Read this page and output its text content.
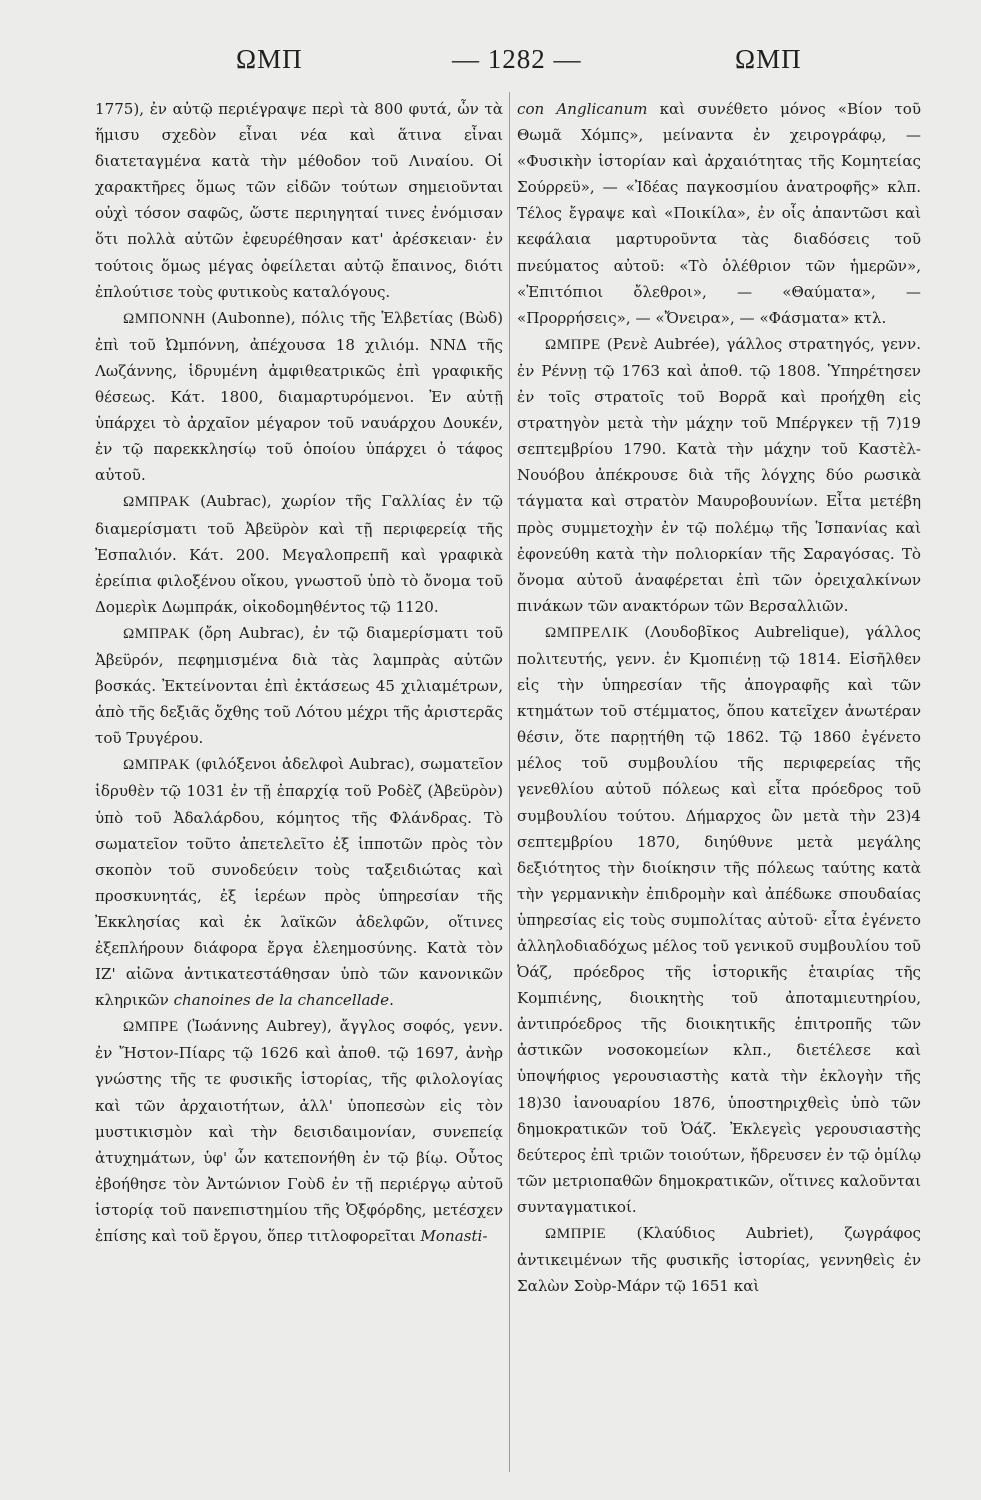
ΩΜΠ	— 1282 —	ΩΜΠ

1775), ἐν αὐτῷ περιέγραψε περὶ τὰ 800 φυτά, ὧν τὰ ἥμισυ σχεδὸν εἶναι νέα καὶ ἅτινα εἶναι διατεταγμένα κατὰ τὴν μέθοδον τοῦ Λιναίου. Οἱ χαρακτῆρες ὅμως τῶν εἰδῶν τούτων σημειοῦνται οὐχὶ τόσον σαφῶς, ὥστε περιηγηταί τινες ἐνόμισαν ὅτι πολλὰ αὐτῶν ἐφευρέθησαν κατ' ἀρέσκειαν· ἐν τούτοις ὅμως μέγας ὀφείλεται αὐτῷ ἔπαινος, διότι ἐπλούτισε τοὺς φυτικοὺς καταλόγους.

ΩΜΠΟΝΝΗ (Aubonne), πόλις τῆς Ἑλβετίας (Βὼδ) ἐπὶ τοῦ Ὠμπόννη, ἀπέχουσα 18 χιλιόμ. ΝΝΔ τῆς Λωζάννης, ἱδρυμένη ἀμφιθεατρικῶς ἐπὶ γραφικῆς θέσεως. Κάτ. 1800, διαμαρτυρόμενοι. Ἐν αὐτῇ ὑπάρχει τὸ ἀρχαῖον μέγαρον τοῦ ναυάρχου Δουκέν, ἐν τῷ παρεκκλησίῳ τοῦ ὁποίου ὑπάρχει ὁ τάφος αὐτοῦ.

ΩΜΠΡΑΚ (Aubrac), χωρίον τῆς Γαλλίας ἐν τῷ διαμερίσματι τοῦ Ἀβεϋρὸν καὶ τῇ περιφερείᾳ τῆς Ἐσπαλιόν. Κάτ. 200. Μεγαλοπρεπῆ καὶ γραφικὰ ἐρείπια φιλοξένου οἴκου, γνωστοῦ ὑπὸ τὸ ὄνομα τοῦ Δομερὶκ Δωμπράκ, οἰκοδομηθέντος τῷ 1120.

ΩΜΠΡΑΚ (ὄρη Aubrac), ἐν τῷ διαμερίσματι τοῦ Ἀβεϋρόν, πεφημισμένα διὰ τὰς λαμπρὰς αὐτῶν βοσκάς. Ἐκτείνονται ἐπὶ ἐκτάσεως 45 χιλιαμέτρων, ἀπὸ τῆς δεξιᾶς ὄχθης τοῦ Λότου μέχρι τῆς ἀριστερᾶς τοῦ Τρυγέρου.

ΩΜΠΡΑΚ (φιλόξενοι ἀδελφοὶ Aubrac), σωματεῖον ἱδρυθὲν τῷ 1031 ἐν τῇ ἐπαρχίᾳ τοῦ Ροδὲζ (Ἀβεϋρὸν) ὑπὸ τοῦ Ἀδαλάρδου, κόμητος τῆς Φλάνδρας. Τὸ σωματεῖον τοῦτο ἀπετελεῖτο ἐξ ἱπποτῶν πρὸς τὸν σκοπὸν τοῦ συνοδεύειν τοὺς ταξειδιώτας καὶ προσκυνητάς, ἐξ ἱερέων πρὸς ὑπηρεσίαν τῆς Ἐκκλησίας καὶ ἐκ λαϊκῶν ἀδελφῶν, οἵτινες ἐξεπλήρουν διάφορα ἔργα ἐλεημοσύνης. Κατὰ τὸν ΙΖ' αἰῶνα ἀντικατεστάθησαν ὑπὸ τῶν κανονικῶν κληρικῶν chanoines de la chancellade.

ΩΜΠΡΕ (Ἰωάννης Aubrey), ἄγγλος σοφός, γενν. ἐν Ἤστον-Πίαρς τῷ 1626 καὶ ἀποθ. τῷ 1697, ἀνὴρ γνώστης τῆς τε φυσικῆς ἱστορίας, τῆς φιλολογίας καὶ τῶν ἀρχαιοτήτων, ἀλλ' ὑποπεσὼν εἰς τὸν μυστικισμὸν καὶ τὴν δεισιδαιμονίαν, συνεπείᾳ ἀτυχημάτων, ὑφ' ὧν κατεπονήθη ἐν τῷ βίῳ. Οὗτος ἐβοήθησε τὸν Ἀντώνιον Γοὺδ ἐν τῇ περιέργῳ αὐτοῦ ἱστορίᾳ τοῦ πανεπιστημίου τῆς Ὀξφόρδης, μετέσχεν ἐπίσης καὶ τοῦ ἔργου, ὅπερ τιτλοφορεῖται Monasti-

con Anglicanum καὶ συνέθετο μόνος «Βίον τοῦ Θωμᾶ Χόμπς», μείναντα ἐν χειρογράφῳ, — «Φυσικὴν ἱστορίαν καὶ ἀρχαιότητας τῆς Κομητείας Σούρρεϋ», — «Ἰδέας παγκοσμίου ἀνατροφῆς» κλπ. Τέλος ἔγραψε καὶ «Ποικίλα», ἐν οἷς ἀπαντῶσι καὶ κεφάλαια μαρτυροῦντα τὰς διαδόσεις τοῦ πνεύματος αὐτοῦ: «Τὸ ὀλέθριον τῶν ἡμερῶν», «Ἐπιτόπιοι ὄλεθροι», — «Θαύματα», — «Προρρήσεις», — «Ὄνειρα», — «Φάσματα» κτλ.

ΩΜΠΡΕ (Ρενὲ Aubrée), γάλλος στρατηγός, γενν. ἐν Ρέννῃ τῷ 1763 καὶ ἀποθ. τῷ 1808. Ὑπηρέτησεν ἐν τοῖς στρατοῖς τοῦ Βορρᾶ καὶ προήχθη εἰς στρατηγὸν μετὰ τὴν μάχην τοῦ Μπέργκεν τῇ 7)19 σεπτεμβρίου 1790. Κατὰ τὴν μάχην τοῦ Καστὲλ-Νουόβου ἀπέκρουσε διὰ τῆς λόγχης δύο ρωσικὰ τάγματα καὶ στρατὸν Μαυροβουνίων. Εἶτα μετέβη πρὸς συμμετοχὴν ἐν τῷ πολέμῳ τῆς Ἱσπανίας καὶ ἐφονεύθη κατὰ τὴν πολιορκίαν τῆς Σαραγόσας. Τὸ ὄνομα αὐτοῦ ἀναφέρεται ἐπὶ τῶν ὀρειχαλκίνων πινάκων τῶν ανακτόρων τῶν Βερσαλλιῶν.

ΩΜΠΡΕΛΙΚ (Λουδοβῖκος Aubrelique), γάλλος πολιτευτής, γενν. ἐν Κμοπιένῃ τῷ 1814. Εἰσῆλθεν εἰς τὴν ὑπηρεσίαν τῆς ἀπογραφῆς καὶ τῶν κτημάτων τοῦ στέμματος, ὅπου κατεῖχεν ἀνωτέραν θέσιν, ὅτε παρῃτήθη τῷ 1862. Τῷ 1860 ἐγένετο μέλος τοῦ συμβουλίου τῆς περιφερείας τῆς γενεθλίου αὐτοῦ πόλεως καὶ εἶτα πρόεδρος τοῦ συμβουλίου τούτου. Δήμαρχος ὢν μετὰ τὴν 23)4 σεπτεμβρίου 1870, διηύθυνε μετὰ μεγάλης δεξιότητος τὴν διοίκησιν τῆς πόλεως ταύτης κατὰ τὴν γερμανικὴν ἐπιδρομὴν καὶ ἀπέδωκε σπουδαίας ὑπηρεσίας εἰς τοὺς συμπολίτας αὐτοῦ· εἶτα ἐγένετο ἀλληλοδιαδόχως μέλος τοῦ γενικοῦ συμβουλίου τοῦ Ὀάζ, πρόεδρος τῆς ἱστορικῆς ἑταιρίας τῆς Κομπιένης, διοικητὴς τοῦ ἀποταμιευτηρίου, ἀντιπρόεδρος τῆς διοικητικῆς ἐπιτροπῆς τῶν ἀστικῶν νοσοκομείων κλπ., διετέλεσε καὶ ὑποψήφιος γερουσιαστὴς κατὰ τὴν ἐκλογὴν τῆς 18)30 ἰανουαρίου 1876, ὑποστηριχθεὶς ὑπὸ τῶν δημοκρατικῶν τοῦ Ὀάζ. Ἐκλεγεὶς γερουσιαστὴς δεύτερος ἐπὶ τριῶν τοιούτων, ἤδρευσεν ἐν τῷ ὁμίλῳ τῶν μετριοπαθῶν δημοκρατικῶν, οἵτινες καλοῦνται συνταγματικοί.

ΩΜΠΡΙΕ (Κλαύδιος Aubriet), ζωγράφος ἀντικειμένων τῆς φυσικῆς ἱστορίας, γεννηθεὶς ἐν Σαλὼν Σοὺρ-Μάρν τῷ 1651 καὶ
